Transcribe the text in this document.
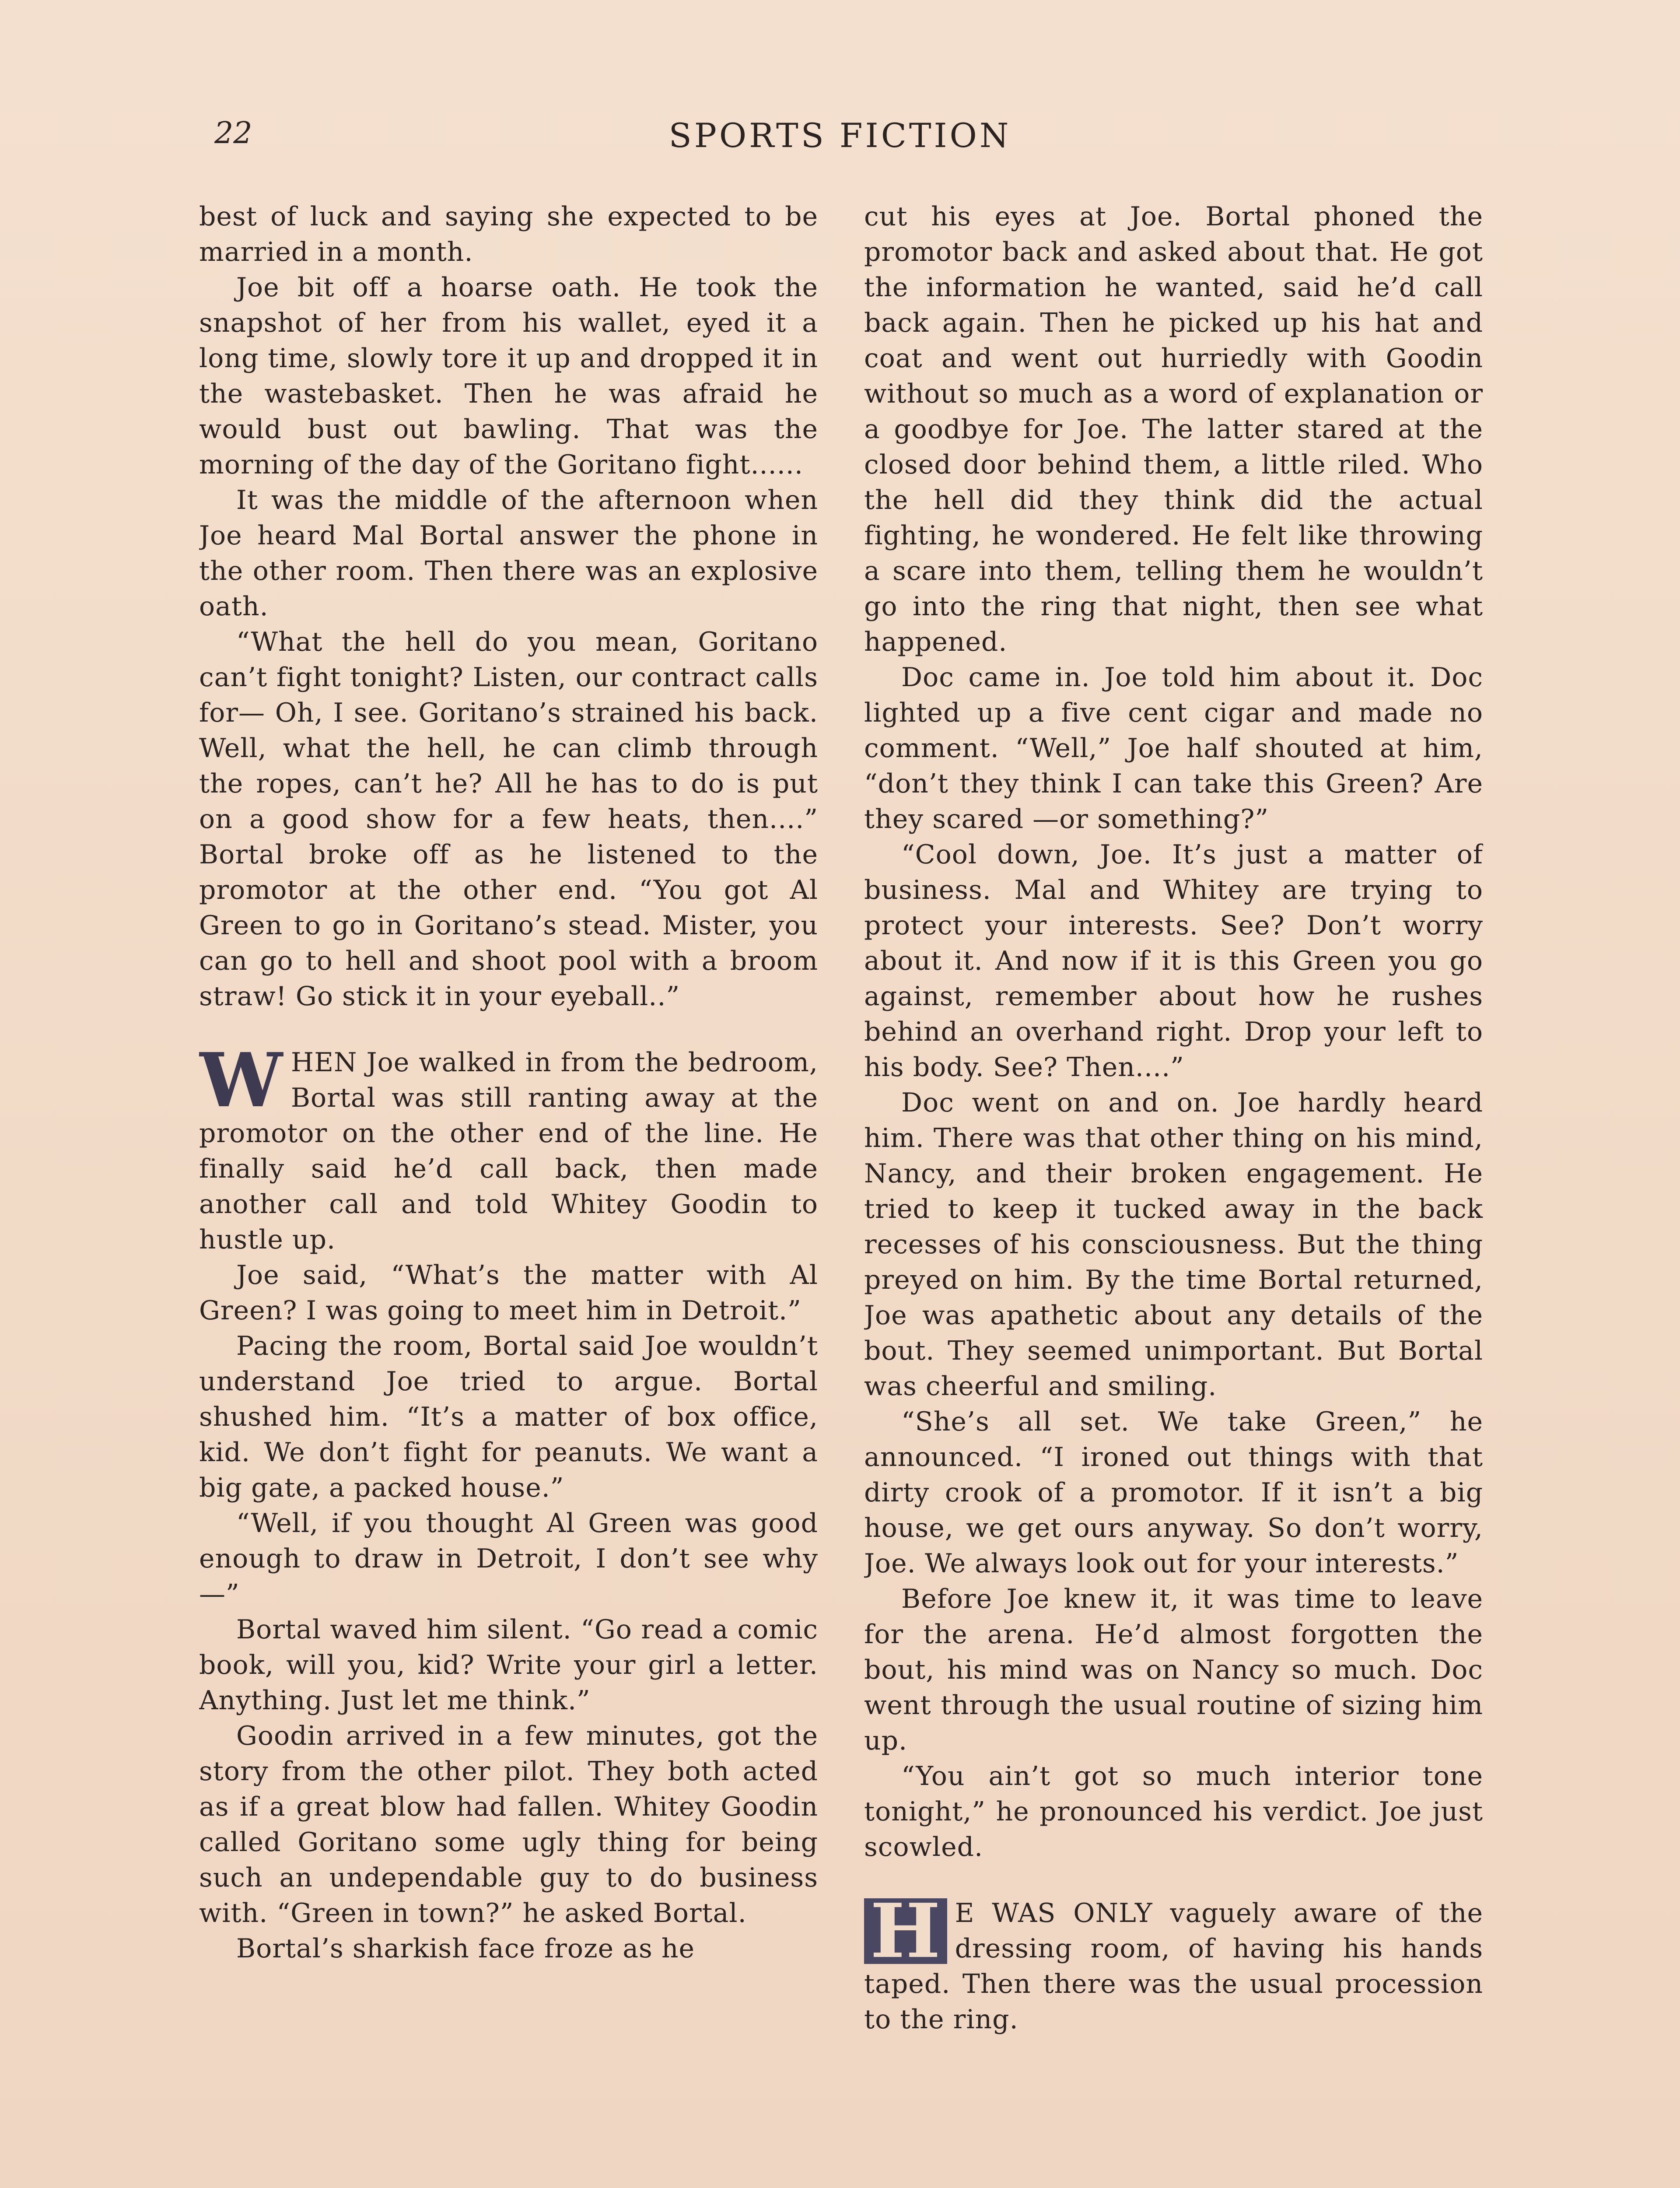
22	SPORTS FICTION

best of luck and saying she expected to be married in a month.

Joe bit off a hoarse oath. He took the snapshot of her from his wallet, eyed it a long time, slowly tore it up and dropped it in the wastebasket. Then he was afraid he would bust out bawling. That was the morning of the day of the Goritano fight......

It was the middle of the afternoon when Joe heard Mal Bortal answer the phone in the other room. Then there was an explosive oath.

“What the hell do you mean, Goritano can’t fight tonight? Listen, our contract calls for— Oh, I see. Goritano’s strained his back. Well, what the hell, he can climb through the ropes, can’t he? All he has to do is put on a good show for a few heats, then....” Bortal broke off as he listened to the promotor at the other end. “You got Al Green to go in Goritano’s stead. Mister, you can go to hell and shoot pool with a broom straw! Go stick it in your eyeball..”

WHEN Joe walked in from the bedroom, Bortal was still ranting away at the promotor on the other end of the line. He finally said he’d call back, then made another call and told Whitey Goodin to hustle up.

Joe said, “What’s the matter with Al Green? I was going to meet him in Detroit.”

Pacing the room, Bortal said Joe wouldn’t understand Joe tried to argue. Bortal shushed him. “It’s a matter of box office, kid. We don’t fight for peanuts. We want a big gate, a packed house.”

“Well, if you thought Al Green was good enough to draw in Detroit, I don’t see why—”

Bortal waved him silent. “Go read a comic book, will you, kid? Write your girl a letter. Anything. Just let me think.”

Goodin arrived in a few minutes, got the story from the other pilot. They both acted as if a great blow had fallen. Whitey Goodin called Goritano some ugly thing for being such an undependable guy to do business with. “Green in town?” he asked Bortal.

Bortal’s sharkish face froze as he

cut his eyes at Joe. Bortal phoned the promotor back and asked about that. He got the information he wanted, said he’d call back again. Then he picked up his hat and coat and went out hurriedly with Goodin without so much as a word of explanation or a goodbye for Joe. The latter stared at the closed door behind them, a little riled. Who the hell did they think did the actual fighting, he wondered. He felt like throwing a scare into them, telling them he wouldn’t go into the ring that night, then see what happened.

Doc came in. Joe told him about it. Doc lighted up a five cent cigar and made no comment. “Well,” Joe half shouted at him, “don’t they think I can take this Green? Are they scared —or something?”

“Cool down, Joe. It’s just a matter of business. Mal and Whitey are trying to protect your interests. See? Don’t worry about it. And now if it is this Green you go against, remember about how he rushes behind an overhand right. Drop your left to his body. See? Then....”

Doc went on and on. Joe hardly heard him. There was that other thing on his mind, Nancy, and their broken engagement. He tried to keep it tucked away in the back recesses of his consciousness. But the thing preyed on him. By the time Bortal returned, Joe was apathetic about any details of the bout. They seemed unimportant. But Bortal was cheerful and smiling.

“She’s all set. We take Green,” he announced. “I ironed out things with that dirty crook of a promotor. If it isn’t a big house, we get ours anyway. So don’t worry, Joe. We always look out for your interests.”

Before Joe knew it, it was time to leave for the arena. He’d almost forgotten the bout, his mind was on Nancy so much. Doc went through the usual routine of sizing him up.

“You ain’t got so much interior tone tonight,” he pronounced his verdict. Joe just scowled.

H E WAS ONLY vaguely aware of the dressing room, of having his hands taped. Then there was the usual procession to the ring.
